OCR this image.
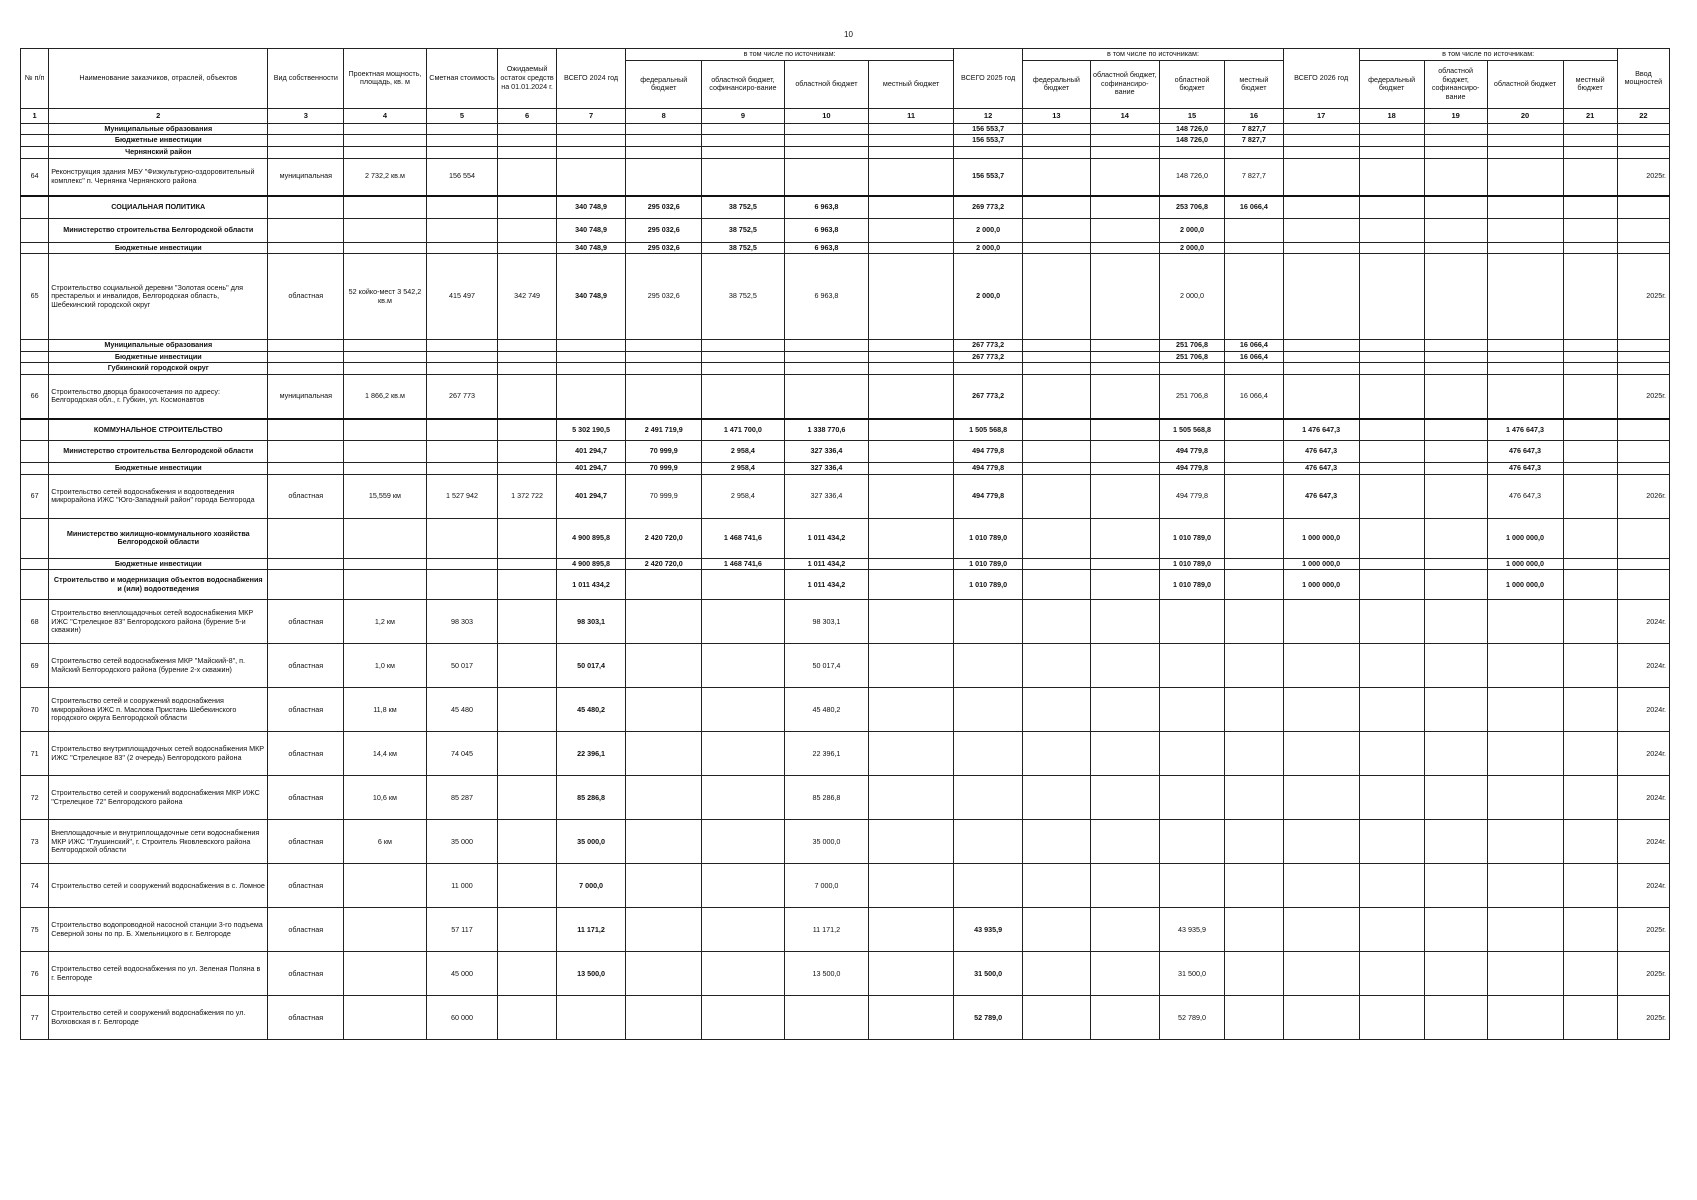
10
№ п/п	Наименование заказчиков, отраслей, объектов	Вид собственности	Проектная мощность, площадь, кв. м	Сметная стоимость	Ожидаемый остаток средств на 01.01.2024 г.	ВСЕГО 2024 год	в том числе по источникам:				ВСЕГО 2025 год	в том числе по источникам:				ВСЕГО 2026 год	в том числе по источникам:				Ввод мощностей
							федеральный бюджет	областной бюджет, софинансиро-вание	областной бюджет	местный бюджет		федеральный бюджет	областной бюджет, софинансиро-вание	областной бюджет	местный бюджет		федеральный бюджет	областной бюджет, софинансиро-вание	областной бюджет	местный бюджет	
1	2	3	4	5	6	7	8	9	10	11	12	13	14	15	16	17	18	19	20	21	22
	Муниципальные образования										156 553,7			148 726,0	7 827,7						
	Бюджетные инвестиции										156 553,7			148 726,0	7 827,7						
	Чернянский район																				
64	Реконструкция здания МБУ "Физкультурно-оздоровительный комплекс" п. Чернянка Чернянского района	муниципальная	2 732,2 кв.м	156 554							156 553,7			148 726,0	7 827,7						2025г.
	СОЦИАЛЬНАЯ ПОЛИТИКА					340 748,9	295 032,6	38 752,5	6 963,8		269 773,2			253 706,8	16 066,4						
	Министерство строительства Белгородской области					340 748,9	295 032,6	38 752,5	6 963,8		2 000,0			2 000,0							
	Бюджетные инвестиции					340 748,9	295 032,6	38 752,5	6 963,8		2 000,0			2 000,0							
65	Строительство социальной деревни "Золотая осень" для престарелых и инвалидов, Белгородская область, Шебекинский городской округ	областная	52 койко-мест 3 542,2 кв.м	415 497	342 749	340 748,9	295 032,6	38 752,5	6 963,8		2 000,0			2 000,0							2025г.
	Муниципальные образования										267 773,2			251 706,8	16 066,4						
	Бюджетные инвестиции										267 773,2			251 706,8	16 066,4						
	Губкинский городской округ																				
66	Строительство дворца бракосочетания по адресу: Белгородская обл., г. Губкин, ул. Космонавтов	муниципальная	1 866,2 кв.м	267 773							267 773,2			251 706,8	16 066,4						2025г.
	КОММУНАЛЬНОЕ СТРОИТЕЛЬСТВО					5 302 190,5	2 491 719,9	1 471 700,0	1 338 770,6		1 505 568,8			1 505 568,8		1 476 647,3			1 476 647,3		
	Министерство строительства Белгородской области					401 294,7	70 999,9	2 958,4	327 336,4		494 779,8			494 779,8		476 647,3			476 647,3		
	Бюджетные инвестиции					401 294,7	70 999,9	2 958,4	327 336,4		494 779,8			494 779,8		476 647,3			476 647,3		
67	Строительство сетей водоснабжения и водоотведения микрорайона ИЖС "Юго-Западный район" города Белгорода	областная	15,559 км	1 527 942	1 372 722	401 294,7	70 999,9	2 958,4	327 336,4		494 779,8			494 779,8		476 647,3			476 647,3		2026г.
	Министерство жилищно-коммунального хозяйства Белгородской области					4 900 895,8	2 420 720,0	1 468 741,6	1 011 434,2		1 010 789,0			1 010 789,0		1 000 000,0			1 000 000,0		
	Бюджетные инвестиции					4 900 895,8	2 420 720,0	1 468 741,6	1 011 434,2		1 010 789,0			1 010 789,0		1 000 000,0			1 000 000,0		
	Строительство и модернизация объектов водоснабжения и (или) водоотведения					1 011 434,2			1 011 434,2		1 010 789,0			1 010 789,0		1 000 000,0			1 000 000,0		
68	Строительство внеплощадочных сетей водоснабжения МКР ИЖС "Стрелецкое 83" Белгородского района (бурение 5-и скважин)	областная	1,2 км	98 303		98 303,1			98 303,1												2024г.
69	Строительство сетей водоснабжения МКР "Майский-8", п. Майский Белгородского района (бурение 2-х скважин)	областная	1,0 км	50 017		50 017,4			50 017,4												2024г.
70	Строительство сетей и сооружений водоснабжения микрорайона ИЖС п. Маслова Пристань Шебекинского городского округа Белгородской области	областная	11,8 км	45 480		45 480,2			45 480,2												2024г.
71	Строительство внутриплощадочных сетей водоснабжения МКР ИЖС "Стрелецкое 83" (2 очередь) Белгородского района	областная	14,4 км	74 045		22 396,1			22 396,1												2024г.
72	Строительство сетей и сооружений водоснабжения МКР ИЖС "Стрелецкое 72" Белгородского района	областная	10,6 км	85 287		85 286,8			85 286,8												2024г.
73	Внеплощадочные и внутриплощадочные сети водоснабжения МКР ИЖС "Глушинский", г. Строитель Яковлевского района Белгородской области	областная	6 км	35 000		35 000,0			35 000,0												2024г.
74	Строительство сетей и сооружений водоснабжения в с. Ломное	областная		11 000		7 000,0			7 000,0												2024г.
75	Строительство водопроводной насосной станции 3-го подъема Северной зоны по пр. Б. Хмельницкого в г. Белгороде	областная		57 117		11 171,2			11 171,2		43 935,9			43 935,9							2025г.
76	Строительство сетей водоснабжения по ул. Зеленая Поляна в г. Белгороде	областная		45 000		13 500,0			13 500,0		31 500,0			31 500,0							2025г.
77	Строительство сетей и сооружений водоснабжения по ул. Волховская в г. Белгороде	областная		60 000							52 789,0			52 789,0							2025г.
